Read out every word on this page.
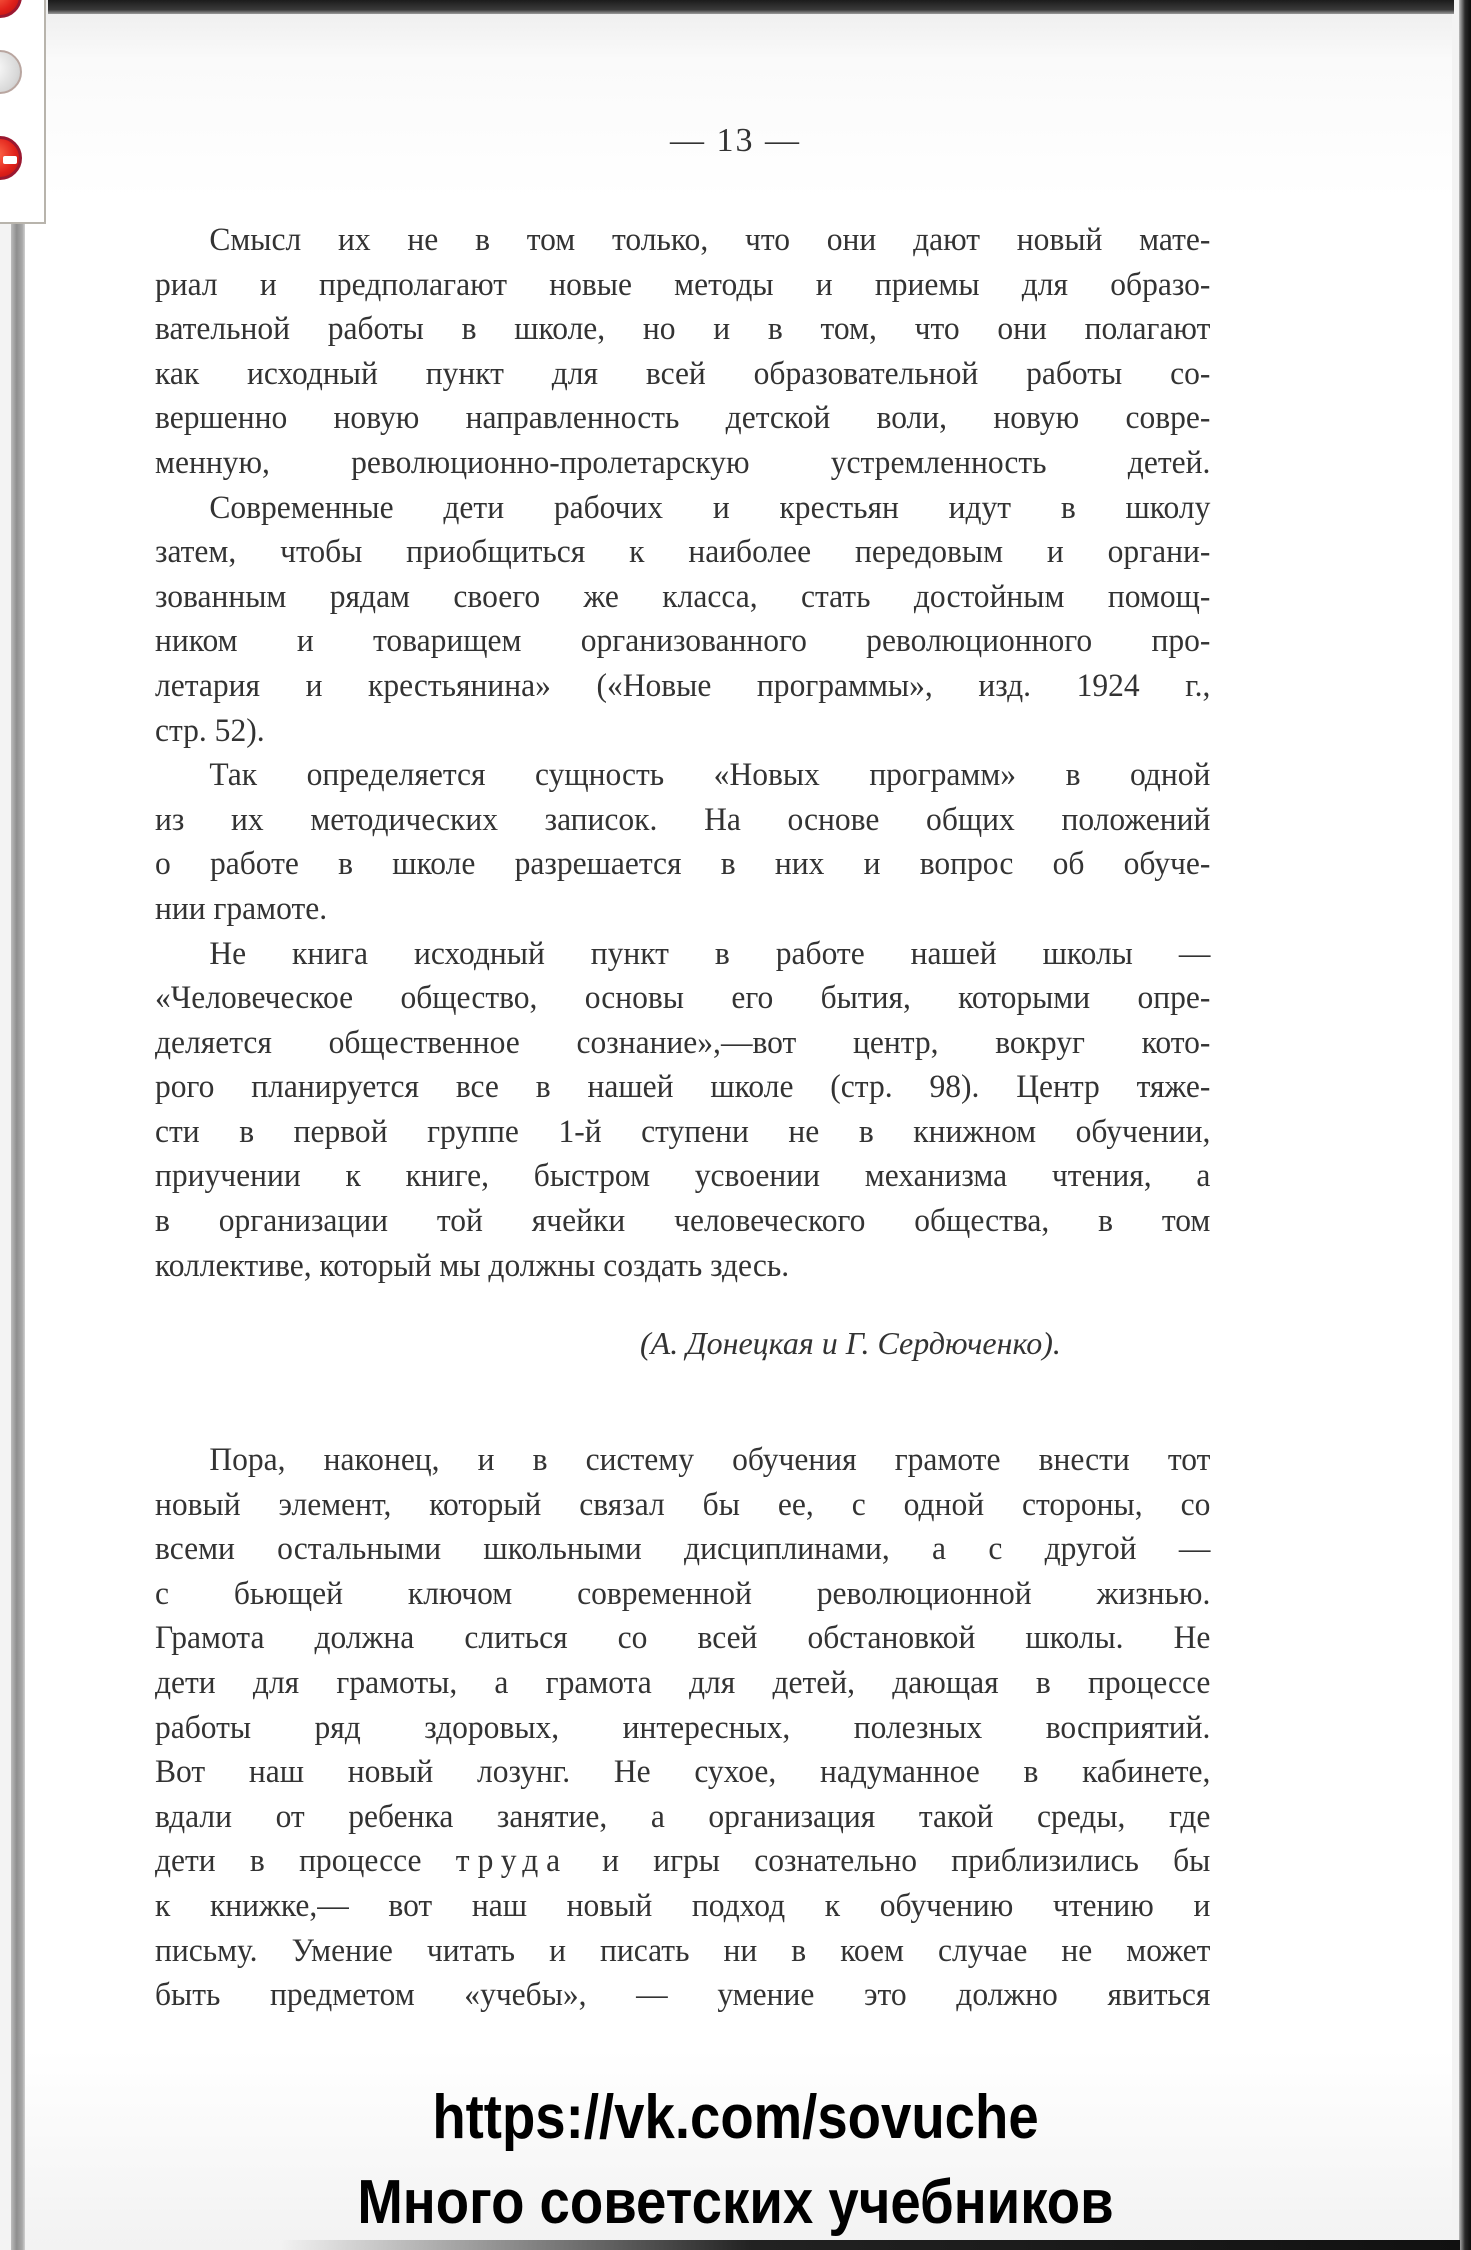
— 13 —
Смысл их не в том только, что они дают новый мате-
риал и предполагают новые методы и приемы для образо-
вательной работы в школе, но и в том, что они полагают
как исходный пункт для всей образовательной работы со-
вершенно новую направленность детской воли, новую совре-
менную, революционно-пролетарскую устремленность детей.
Современные дети рабочих и крестьян идут в школу
затем, чтобы приобщиться к наиболее передовым и органи-
зованным рядам своего же класса, стать достойным помощ-
ником и товарищем организованного революционного про-
летария и крестьянина» («Новые программы», изд. 1924 г.,
стр. 52).
Так определяется сущность «Новых программ» в одной
из их методических записок. На основе общих положений
о работе в школе разрешается в них и вопрос об обуче-
нии грамоте.
Не книга исходный пункт в работе нашей школы —
«Человеческое общество, основы его бытия, которыми опре-
деляется общественное сознание»,—вот центр, вокруг кото-
рого планируется все в нашей школе (стр. 98). Центр тяже-
сти в первой группе 1-й ступени не в книжном обучении,
приучении к книге, быстром усвоении механизма чтения, а
в организации той ячейки человеческого общества, в том
коллективе, который мы должны создать здесь.
(А. Донецкая и Г. Сердюченко).
Пора, наконец, и в систему обучения грамоте внести тот
новый элемент, который связал бы ее, с одной стороны, со
всеми остальными школьными дисциплинами, а с другой —
с бьющей ключом современной революционной жизнью.
Грамота должна слиться со всей обстановкой школы. Не
дети для грамоты, а грамота для детей, дающая в процессе
работы ряд здоровых, интересных, полезных восприятий.
Вот наш новый лозунг. Не сухое, надуманное в кабинете,
вдали от ребенка занятие, а организация такой среды, где
дети в процессе труда и игры сознательно приблизились бы
к книжке,— вот наш новый подход к обучению чтению и
письму. Умение читать и писать ни в коем случае не может
быть предметом «учебы», — умение это должно явиться
https://vk.com/sovuche
Много советских учебников
